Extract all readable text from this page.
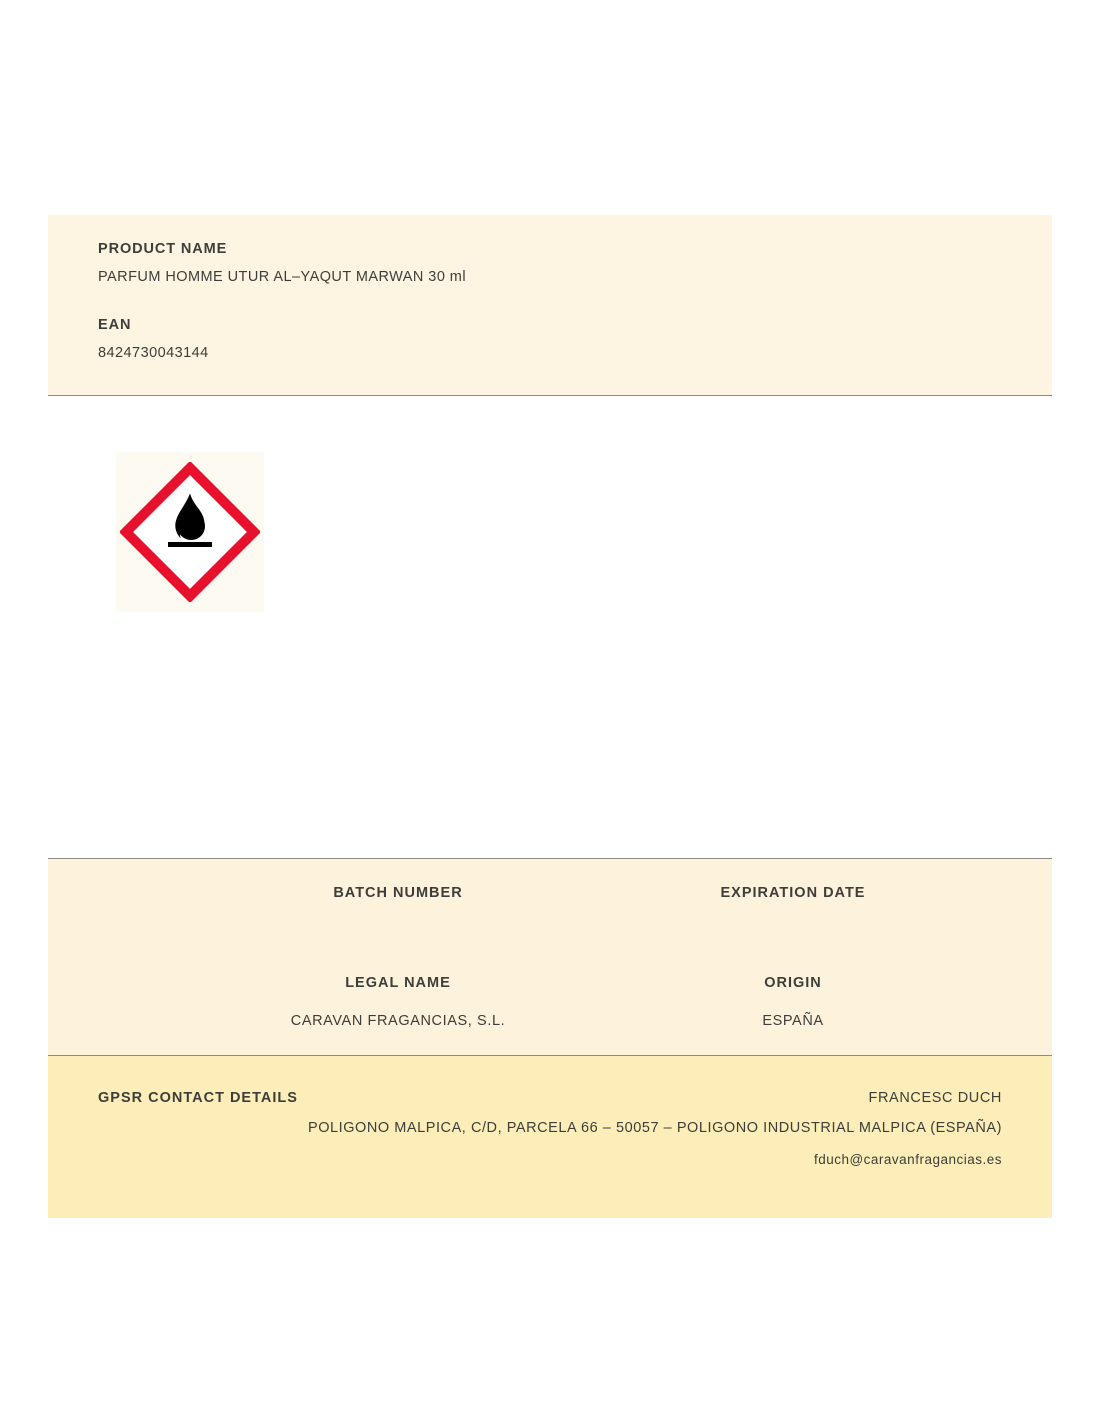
PRODUCT NAME
PARFUM HOMME UTUR AL–YAQUT MARWAN 30 ml
EAN
8424730043144
BATCH NUMBER	EXPIRATION DATE
LEGAL NAME
CARAVAN FRAGANCIAS, S.L.
ORIGIN
ESPAÑA
GPSR CONTACT DETAILS	FRANCESC DUCH
POLIGONO MALPICA, C/D, PARCELA 66 – 50057 – POLIGONO INDUSTRIAL MALPICA (ESPAÑA)
fduch@caravanfragancias.es
